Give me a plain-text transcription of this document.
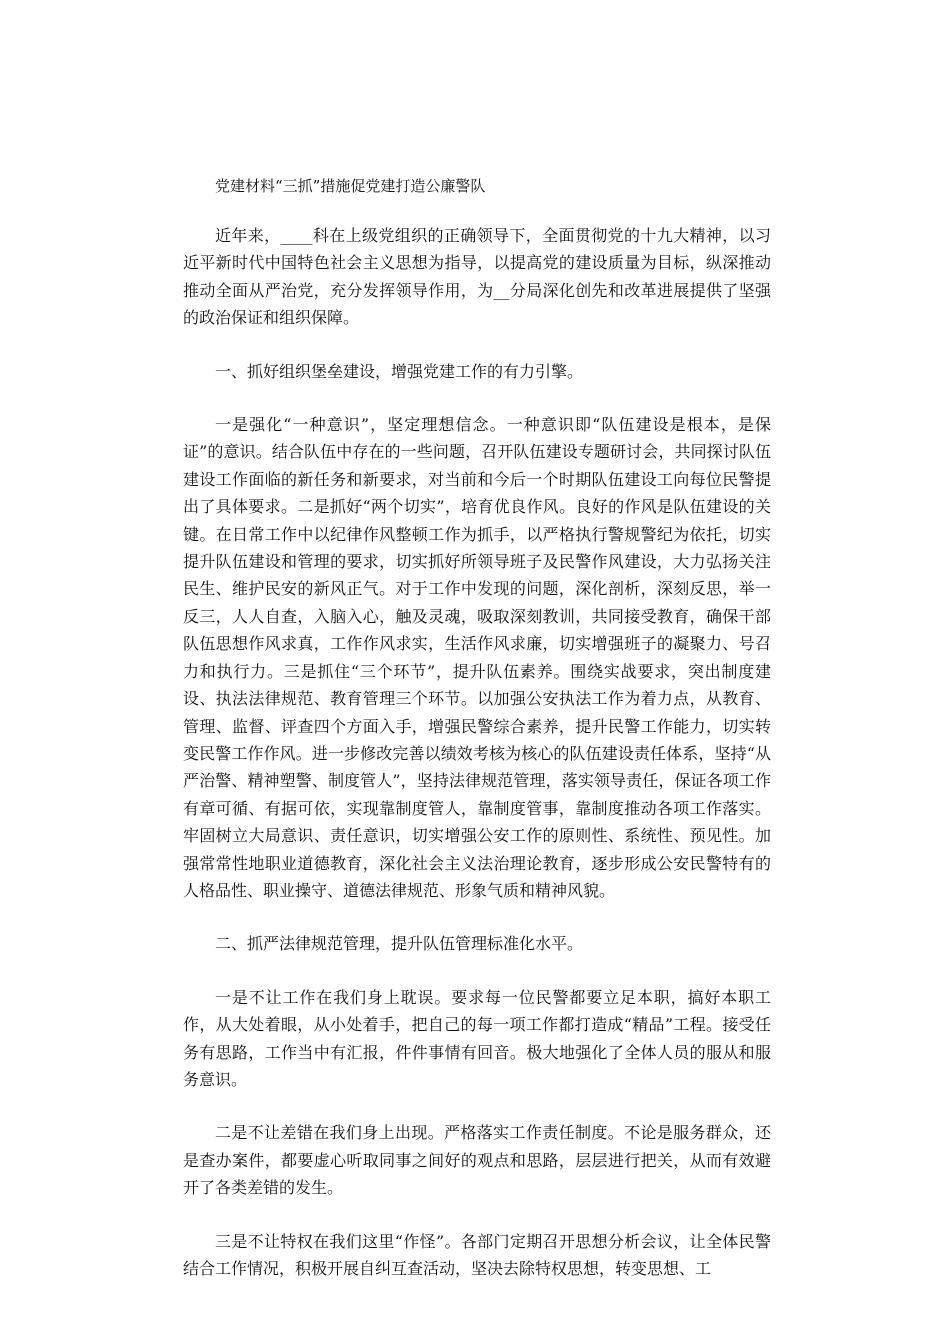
党建材料“三抓”措施促党建打造公廉警队

近年来，____科在上级党组织的正确领导下，全面贯彻党的十九大精神，以习近平新时代中国特色社会主义思想为指导，以提高党的建设质量为目标，纵深推动推动全面从严治党，充分发挥领导作用，为__分局深化创先和改革进展提供了坚强的政治保证和组织保障。

一、抓好组织堡垒建设，增强党建工作的有力引擎。

一是强化“一种意识”，坚定理想信念。一种意识即“队伍建设是根本，是保证”的意识。结合队伍中存在的一些问题，召开队伍建设专题研讨会，共同探讨队伍建设工作面临的新任务和新要求，对当前和今后一个时期队伍建设工向每位民警提出了具体要求。二是抓好“两个切实”，培育优良作风。良好的作风是队伍建设的关键。在日常工作中以纪律作风整顿工作为抓手，以严格执行警规警纪为依托，切实提升队伍建设和管理的要求，切实抓好所领导班子及民警作风建设，大力弘扬关注民生、维护民安的新风正气。对于工作中发现的问题，深化剖析，深刻反思，举一反三，人人自查，入脑入心，触及灵魂，吸取深刻教训，共同接受教育，确保干部队伍思想作风求真，工作作风求实，生活作风求廉，切实增强班子的凝聚力、号召力和执行力。三是抓住“三个环节”，提升队伍素养。围绕实战要求，突出制度建设、执法法律规范、教育管理三个环节。以加强公安执法工作为着力点，从教育、管理、监督、评查四个方面入手，增强民警综合素养，提升民警工作能力，切实转变民警工作作风。进一步修改完善以绩效考核为核心的队伍建设责任体系，坚持“从严治警、精神塑警、制度管人”，坚持法律规范管理，落实领导责任，保证各项工作有章可循、有据可依，实现靠制度管人，靠制度管事，靠制度推动各项工作落实。牢固树立大局意识、责任意识，切实增强公安工作的原则性、系统性、预见性。加强常常性地职业道德教育，深化社会主义法治理论教育，逐步形成公安民警特有的人格品性、职业操守、道德法律规范、形象气质和精神风貌。

二、抓严法律规范管理，提升队伍管理标准化水平。

一是不让工作在我们身上耽误。要求每一位民警都要立足本职，搞好本职工作，从大处着眼，从小处着手，把自己的每一项工作都打造成“精品”工程。接受任务有思路，工作当中有汇报，件件事情有回音。极大地强化了全体人员的服从和服务意识。

二是不让差错在我们身上出现。严格落实工作责任制度。不论是服务群众，还是查办案件，都要虚心听取同事之间好的观点和思路，层层进行把关，从而有效避开了各类差错的发生。

三是不让特权在我们这里“作怪”。各部门定期召开思想分析会议，让全体民警结合工作情况，积极开展自纠互查活动，坚决去除特权思想，转变思想、工
